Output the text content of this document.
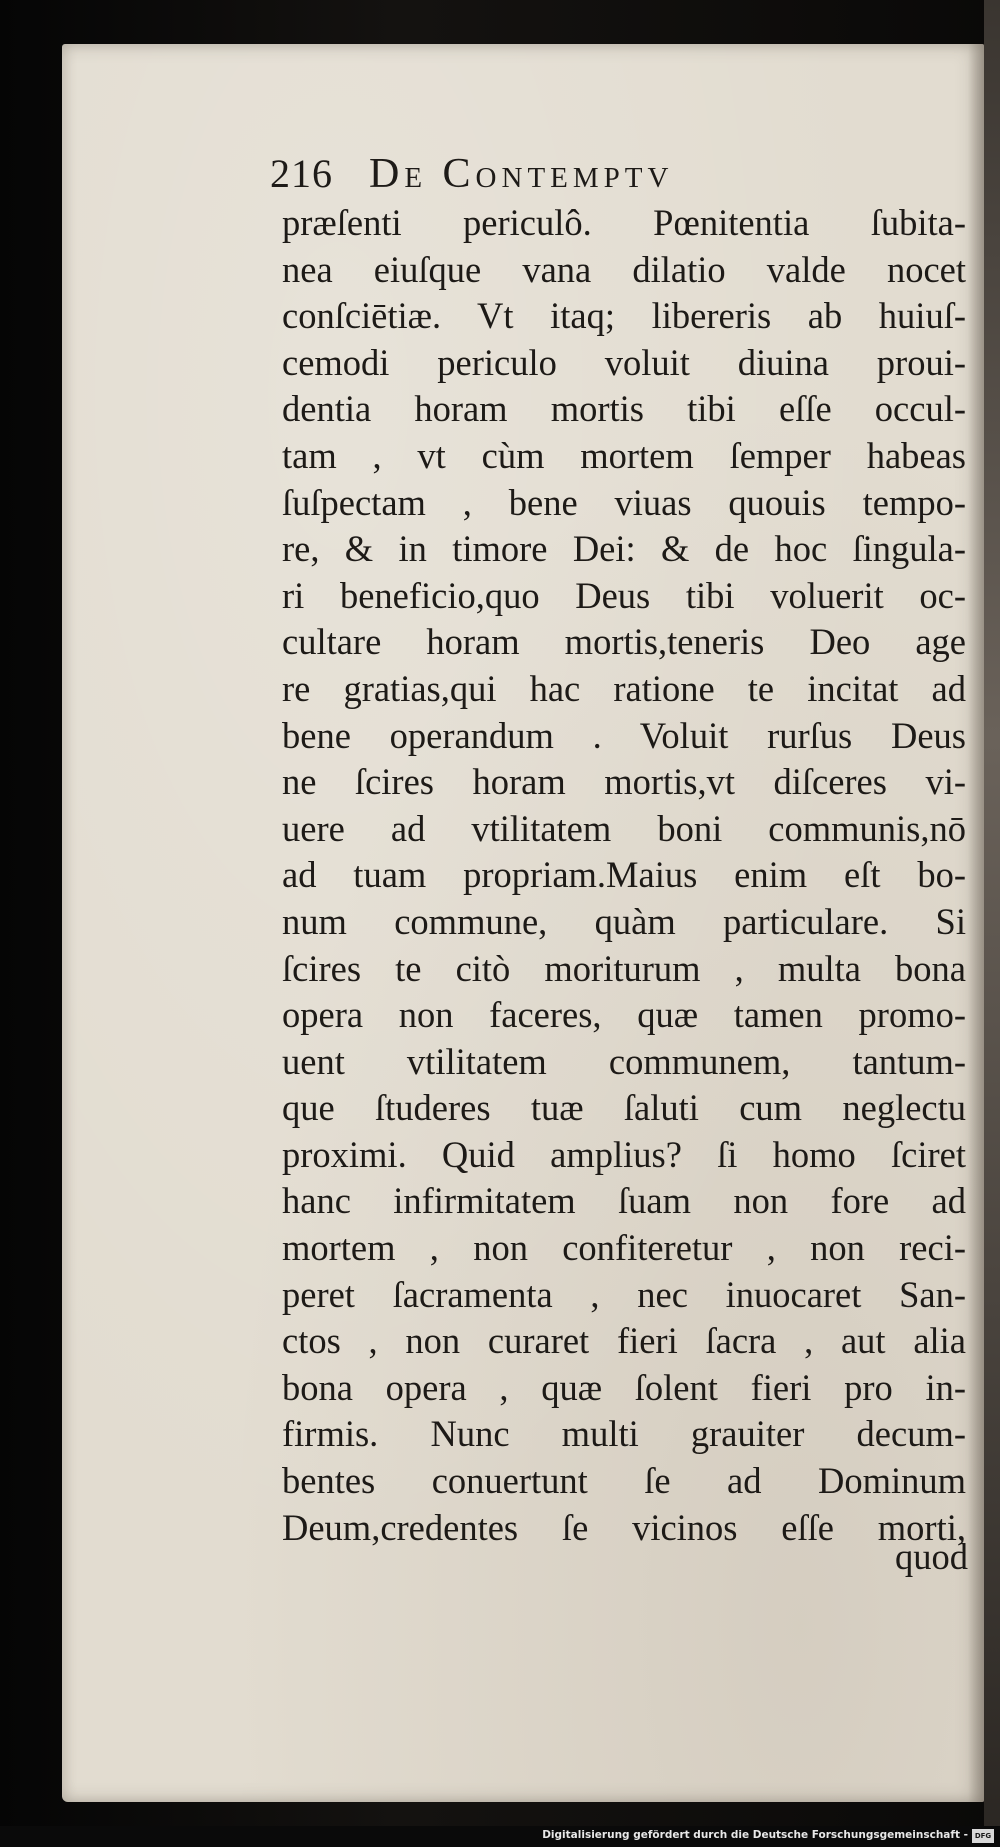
216 De Contemptv
præſenti periculô. Pœnitentia ſubita-
nea eiuſque vana dilatio valde nocet
conſciētiæ. Vt itaq; libereris ab huiuſ-
cemodi periculo voluit diuina proui-
dentia horam mortis tibi eſſe occul-
tam , vt cùm mortem ſemper habeas
ſuſpectam , bene viuas quouis tempo-
re, & in timore Dei: & de hoc ſingula-
ri beneficio,quo Deus tibi voluerit oc-
cultare horam mortis,teneris Deo age
re gratias,qui hac ratione te incitat ad
bene operandum . Voluit rurſus Deus
ne ſcires horam mortis,vt diſceres vi-
uere ad vtilitatem boni communis,nō
ad tuam propriam.Maius enim eſt bo-
num commune, quàm particulare. Si
ſcires te citò moriturum , multa bona
opera non faceres, quæ tamen promo-
uent vtilitatem communem, tantum-
que ſtuderes tuæ ſaluti cum neglectu
proximi. Quid amplius? ſi homo ſciret
hanc infirmitatem ſuam non fore ad
mortem , non confiteretur , non reci-
peret ſacramenta , nec inuocaret San-
ctos , non curaret fieri ſacra , aut alia
bona opera , quæ ſolent fieri pro in-
firmis. Nunc multi grauiter decum-
bentes conuertunt ſe ad Dominum
Deum,credentes ſe vicinos eſſe morti,
quod
Digitalisierung gefördert durch die Deutsche Forschungsgemeinschaft - DFG
